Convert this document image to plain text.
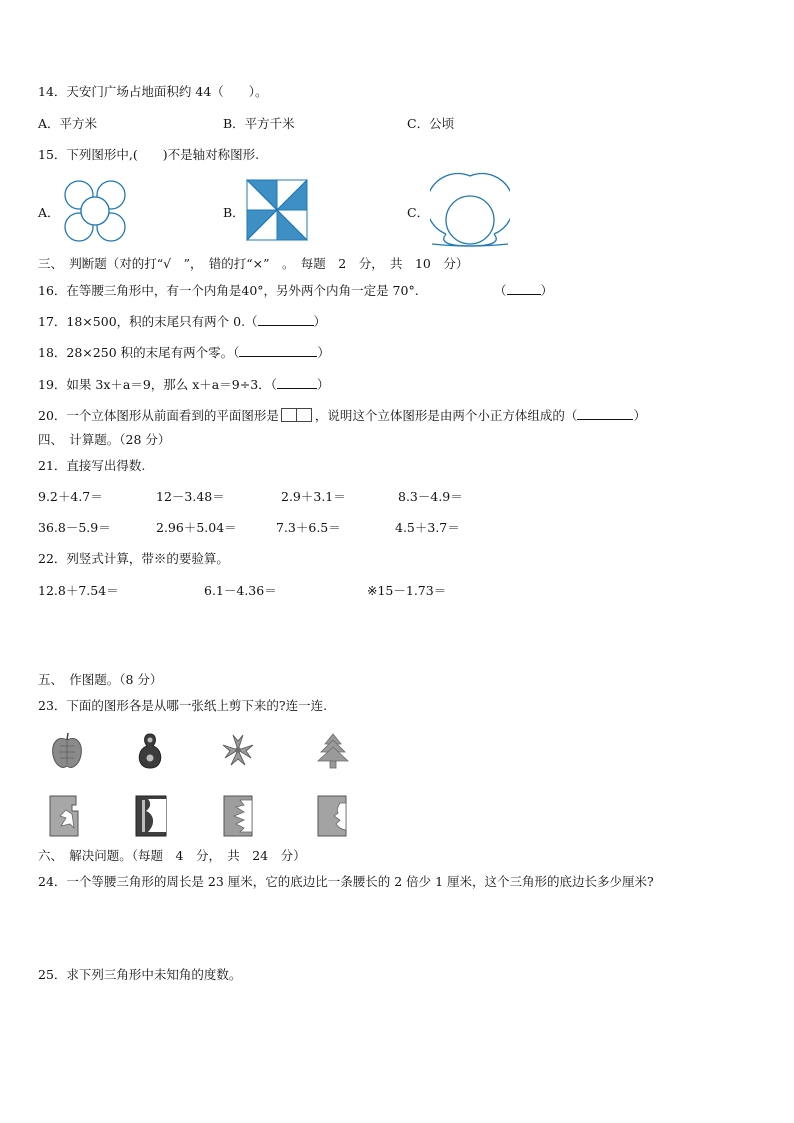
14．天安门广场占地面积约 44（　　）。
A．平方米	B．平方千米	C．公顷
15．下列图形中,(　　)不是轴对称图形.
A．	B．	C．
三、　判断题（对的打“√　”，　错的打“×”　。　每题　2　分，　共　10　分）
16．在等腰三角形中，有一个内角是40°，另外两个内角一定是 70°.	（	）
17．18×500，积的末尾只有两个 0.（	）
18．28×250 积的末尾有两个零。（	）
19．如果 3x＋a＝9，那么 x＋a＝9÷3．（	）
20．一个立体图形从前面看到的平面图形是	，说明这个立体图形是由两个小正方体组成的（	）
四、　计算题。（28 分）
21．直接写出得数.
9.2＋4.7＝	12－3.48＝	2.9＋3.1＝	8.3－4.9＝
36.8－5.9＝	2.96＋5.04＝	7.3＋6.5＝	4.5＋3.7＝
22．列竖式计算，带※的要验算。
12.8＋7.54＝	6.1－4.36＝	※15－1.73＝
五、　作图题。（8 分）
23．下面的图形各是从哪一张纸上剪下来的?连一连.
六、　解决问题。（每题　4　分，　共　24　分）
24．一个等腰三角形的周长是 23 厘米，它的底边比一条腰长的 2 倍少 1 厘米，这个三角形的底边长多少厘米?
25．求下列三角形中未知角的度数。
